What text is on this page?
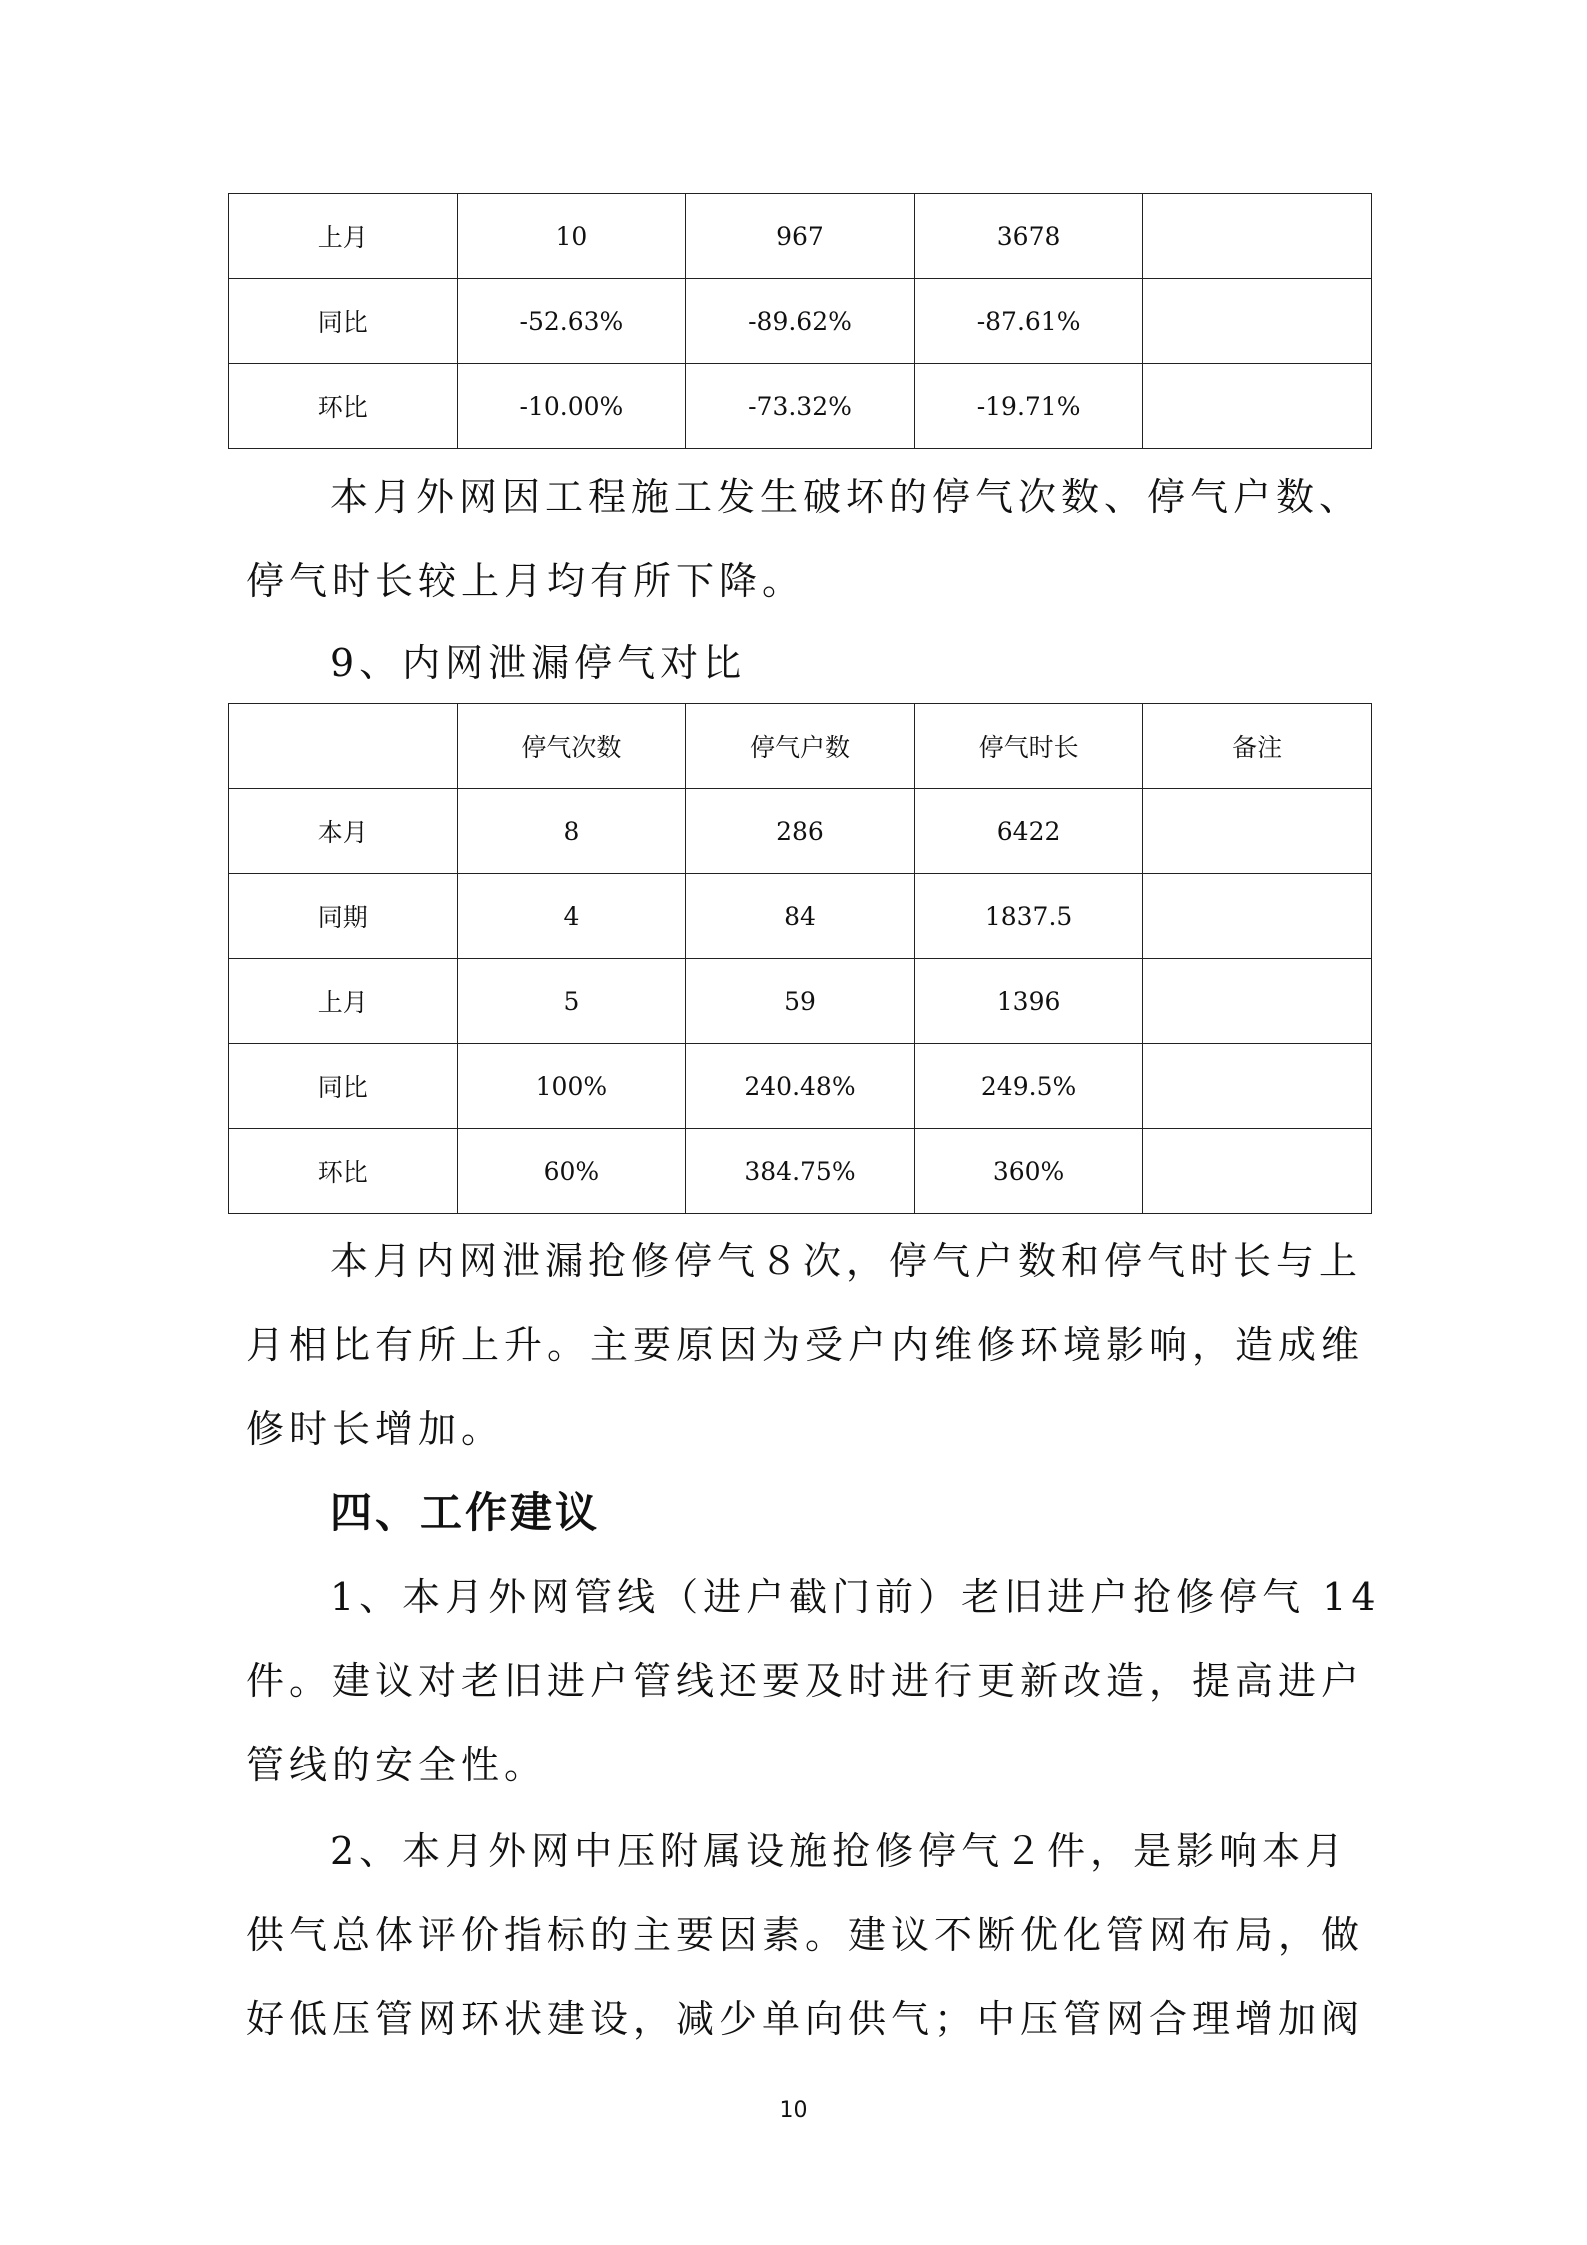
上月	10	967	3678	
同比	-52.63%	-89.62%	-87.61%	
环比	-10.00%	-73.32%	-19.71%	

本月外网因工程施工发生破坏的停气次数、停气户数、

停气时长较上月均有所下降。

9、内网泄漏停气对比

	停气次数	停气户数	停气时长	备注
本月	8	286	6422	
同期	4	84	1837.5	
上月	5	59	1396	
同比	100%	240.48%	249.5%	
环比	60%	384.75%	360%	

本月内网泄漏抢修停气８次，停气户数和停气时长与上

月相比有所上升。主要原因为受户内维修环境影响，造成维

修时长增加。

四、工作建议

1、本月外网管线（进户截门前）老旧进户抢修停气 14

件。建议对老旧进户管线还要及时进行更新改造，提高进户

管线的安全性。

2、本月外网中压附属设施抢修停气２件，是影响本月

供气总体评价指标的主要因素。建议不断优化管网布局，做

好低压管网环状建设，减少单向供气；中压管网合理增加阀

10
